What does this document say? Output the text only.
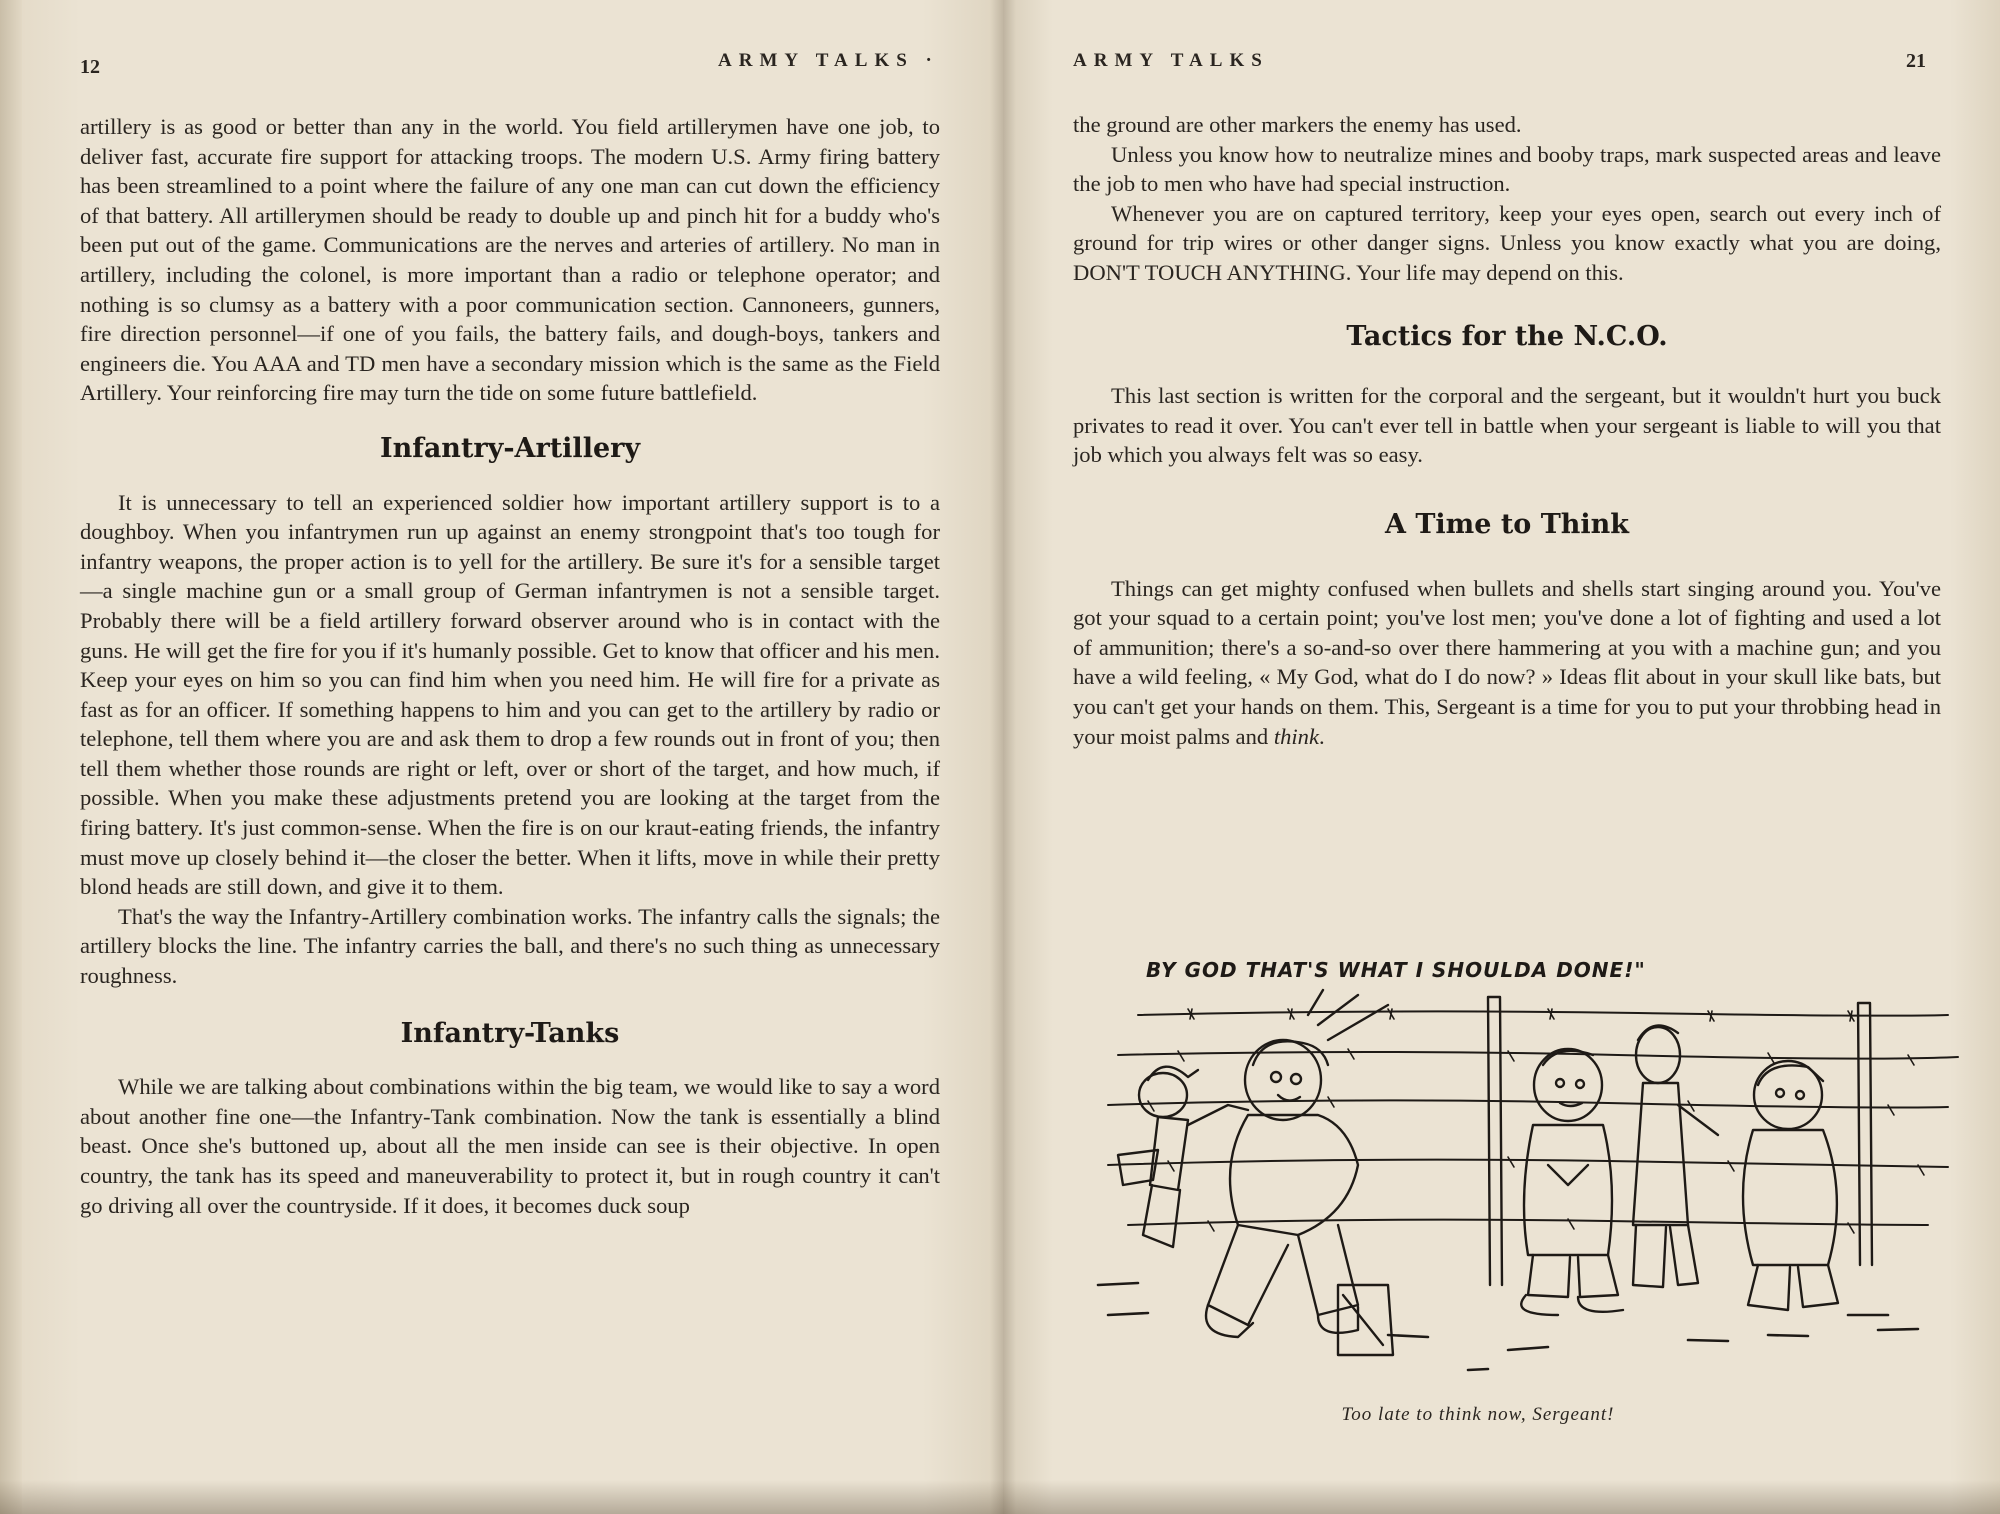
12	ARMY TALKS ·

artillery is as good or better than any in the world. You field artillerymen have one job, to deliver fast, accurate fire support for attacking troops. The modern U.S. Army firing battery has been streamlined to a point where the failure of any one man can cut down the efficiency of that battery. All artillerymen should be ready to double up and pinch hit for a buddy who's been put out of the game. Communications are the nerves and arteries of artillery. No man in artillery, including the colonel, is more important than a radio or telephone operator; and nothing is so clumsy as a battery with a poor communication section. Cannoneers, gunners, fire direction personnel—if one of you fails, the battery fails, and dough-boys, tankers and engineers die. You AAA and TD men have a secondary mission which is the same as the Field Artillery. Your reinforcing fire may turn the tide on some future battlefield.

Infantry-Artillery

It is unnecessary to tell an experienced soldier how important artillery support is to a doughboy. When you infantrymen run up against an enemy strongpoint that's too tough for infantry weapons, the proper action is to yell for the artillery. Be sure it's for a sensible target—a single machine gun or a small group of German infantrymen is not a sensible target. Probably there will be a field artillery forward observer around who is in contact with the guns. He will get the fire for you if it's humanly possible. Get to know that officer and his men. Keep your eyes on him so you can find him when you need him. He will fire for a private as fast as for an officer. If something happens to him and you can get to the artillery by radio or telephone, tell them where you are and ask them to drop a few rounds out in front of you; then tell them whether those rounds are right or left, over or short of the target, and how much, if possible. When you make these adjustments pretend you are looking at the target from the firing battery. It's just common-sense. When the fire is on our kraut-eating friends, the infantry must move up closely behind it—the closer the better. When it lifts, move in while their pretty blond heads are still down, and give it to them.

That's the way the Infantry-Artillery combination works. The infantry calls the signals; the artillery blocks the line. The infantry carries the ball, and there's no such thing as unnecessary roughness.

Infantry-Tanks

While we are talking about combinations within the big team, we would like to say a word about another fine one—the Infantry-Tank combination. Now the tank is essentially a blind beast. Once she's buttoned up, about all the men inside can see is their objective. In open country, the tank has its speed and maneuverability to protect it, but in rough country it can't go driving all over the countryside. If it does, it becomes duck soup

ARMY TALKS	21

the ground are other markers the enemy has used.

Unless you know how to neutralize mines and booby traps, mark suspected areas and leave the job to men who have had special instruction.

Whenever you are on captured territory, keep your eyes open, search out every inch of ground for trip wires or other danger signs. Unless you know exactly what you are doing, DON'T TOUCH ANYTHING. Your life may depend on this.

Tactics for the N.C.O.

This last section is written for the corporal and the sergeant, but it wouldn't hurt you buck privates to read it over. You can't ever tell in battle when your sergeant is liable to will you that job which you always felt was so easy.

A Time to Think

Things can get mighty confused when bullets and shells start singing around you. You've got your squad to a certain point; you've lost men; you've done a lot of fighting and used a lot of ammunition; there's a so-and-so over there hammering at you with a machine gun; and you have a wild feeling, « My God, what do I do now? » Ideas flit about in your skull like bats, but you can't get your hands on them. This, Sergeant is a time for you to put your throbbing head in your moist palms and think.

BY GOD THAT'S WHAT I SHOULDA DONE!"
Too late to think now, Sergeant!
